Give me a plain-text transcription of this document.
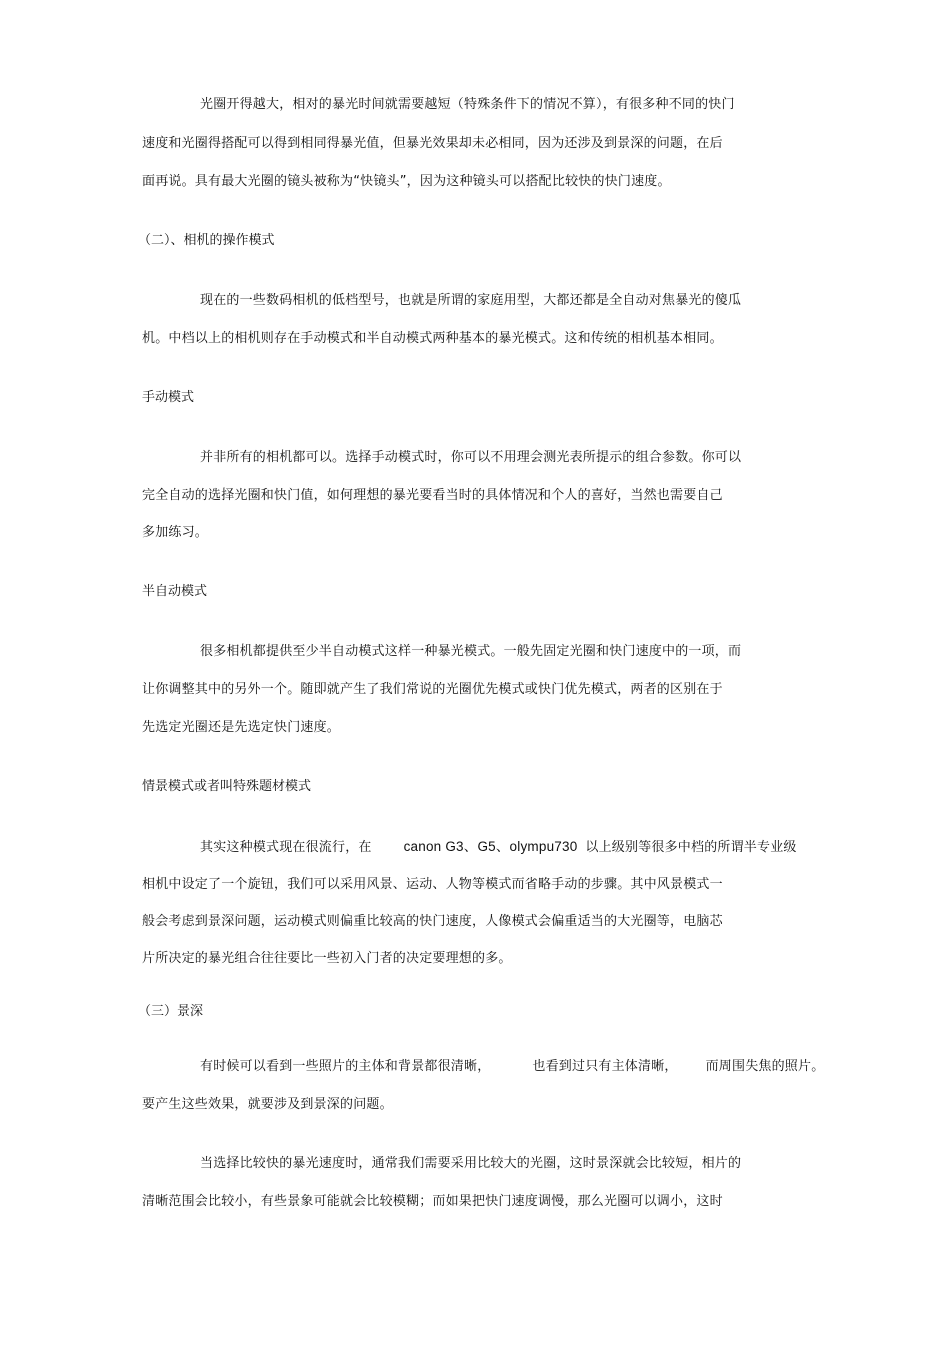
光圈开得越大，相对的暴光时间就需要越短（特殊条件下的情况不算），有很多种不同的快门
速度和光圈得搭配可以得到相同得暴光值，但暴光效果却未必相同，因为还涉及到景深的问题，在后
面再说。具有最大光圈的镜头被称为“快镜头”，因为这种镜头可以搭配比较快的快门速度。
（二）、相机的操作模式
现在的一些数码相机的低档型号，也就是所谓的家庭用型，大都还都是全自动对焦暴光的傻瓜
机。中档以上的相机则存在手动模式和半自动模式两种基本的暴光模式。这和传统的相机基本相同。
手动模式
并非所有的相机都可以。选择手动模式时，你可以不用理会测光表所提示的组合参数。你可以
完全自动的选择光圈和快门值，如何理想的暴光要看当时的具体情况和个人的喜好，当然也需要自己
多加练习。
半自动模式
很多相机都提供至少半自动模式这样一种暴光模式。一般先固定光圈和快门速度中的一项，而
让你调整其中的另外一个。随即就产生了我们常说的光圈优先模式或快门优先模式，两者的区别在于
先选定光圈还是先选定快门速度。
情景模式或者叫特殊题材模式
其实这种模式现在很流行，在 canon G3、G5、olympu730 以上级别等很多中档的所谓半专业级
相机中设定了一个旋钮，我们可以采用风景、运动、人物等模式而省略手动的步骤。其中风景模式一
般会考虑到景深问题，运动模式则偏重比较高的快门速度，人像模式会偏重适当的大光圈等，电脑芯
片所决定的暴光组合往往要比一些初入门者的决定要理想的多。
（三）景深
有时候可以看到一些照片的主体和背景都很清晰，	也看到过只有主体清晰， 而周围失焦的照片。
要产生这些效果，就要涉及到景深的问题。
当选择比较快的暴光速度时，通常我们需要采用比较大的光圈，这时景深就会比较短，相片的
清晰范围会比较小，有些景象可能就会比较模糊；而如果把快门速度调慢，那么光圈可以调小，这时
